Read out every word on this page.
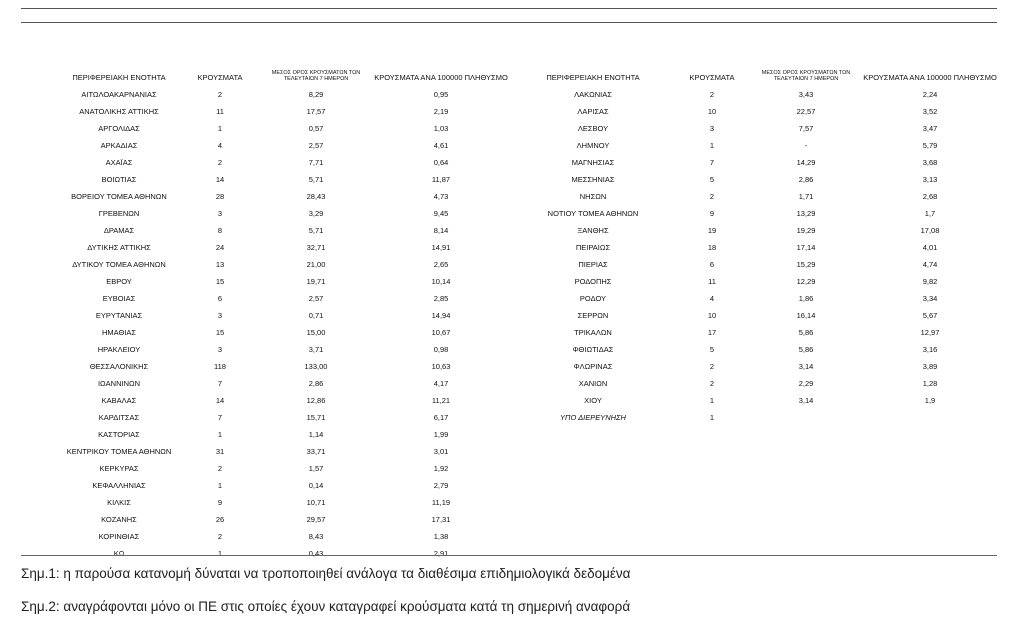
ΠΕΡΙΦΕΡΕΙΑΚΗ ΕΝΟΤΗΤΑ	ΚΡΟΥΣΜΑΤΑ	ΜΕΣΟΣ ΟΡΟΣ ΚΡΟΥΣΜΑΤΩΝ ΤΩΝ ΤΕΛΕΥΤΑΙΩΝ 7 ΗΜΕΡΩΝ	ΚΡΟΥΣΜΑΤΑ ΑΝΑ 100000 ΠΛΗΘΥΣΜΟ
ΑΙΤΩΛΟΑΚΑΡΝΑΝΙΑΣ	2	8,29	0,95
ΑΝΑΤΟΛΙΚΗΣ ΑΤΤΙΚΗΣ	11	17,57	2,19
ΑΡΓΟΛΙΔΑΣ	1	0,57	1,03
ΑΡΚΑΔΙΑΣ	4	2,57	4,61
ΑΧΑΪΑΣ	2	7,71	0,64
ΒΟΙΩΤΙΑΣ	14	5,71	11,87
ΒΟΡΕΙΟΥ ΤΟΜΕΑ ΑΘΗΝΩΝ	28	28,43	4,73
ΓΡΕΒΕΝΩΝ	3	3,29	9,45
ΔΡΑΜΑΣ	8	5,71	8,14
ΔΥΤΙΚΗΣ ΑΤΤΙΚΗΣ	24	32,71	14,91
ΔΥΤΙΚΟΥ ΤΟΜΕΑ ΑΘΗΝΩΝ	13	21,00	2,65
ΕΒΡΟΥ	15	19,71	10,14
ΕΥΒΟΙΑΣ	6	2,57	2,85
ΕΥΡΥΤΑΝΙΑΣ	3	0,71	14,94
ΗΜΑΘΙΑΣ	15	15,00	10,67
ΗΡΑΚΛΕΙΟΥ	3	3,71	0,98
ΘΕΣΣΑΛΟΝΙΚΗΣ	118	133,00	10,63
ΙΩΑΝΝΙΝΩΝ	7	2,86	4,17
ΚΑΒΑΛΑΣ	14	12,86	11,21
ΚΑΡΔΙΤΣΑΣ	7	15,71	6,17
ΚΑΣΤΟΡΙΑΣ	1	1,14	1,99
ΚΕΝΤΡΙΚΟΥ ΤΟΜΕΑ ΑΘΗΝΩΝ	31	33,71	3,01
ΚΕΡΚΥΡΑΣ	2	1,57	1,92
ΚΕΦΑΛΛΗΝΙΑΣ	1	0,14	2,79
ΚΙΛΚΙΣ	9	10,71	11,19
ΚΟΖΑΝΗΣ	26	29,57	17,31
ΚΟΡΙΝΘΙΑΣ	2	8,43	1,38
ΚΩ	1	0,43	2,91
ΠΕΡΙΦΕΡΕΙΑΚΗ ΕΝΟΤΗΤΑ	ΚΡΟΥΣΜΑΤΑ	ΜΕΣΟΣ ΟΡΟΣ ΚΡΟΥΣΜΑΤΩΝ ΤΩΝ ΤΕΛΕΥΤΑΙΩΝ 7 ΗΜΕΡΩΝ	ΚΡΟΥΣΜΑΤΑ ΑΝΑ 100000 ΠΛΗΘΥΣΜΟ
ΛΑΚΩΝΙΑΣ	2	3,43	2,24
ΛΑΡΙΣΑΣ	10	22,57	3,52
ΛΕΣΒΟΥ	3	7,57	3,47
ΛΗΜΝΟΥ	1	-	5,79
ΜΑΓΝΗΣΙΑΣ	7	14,29	3,68
ΜΕΣΣΗΝΙΑΣ	5	2,86	3,13
ΝΗΣΩΝ	2	1,71	2,68
ΝΟΤΙΟΥ ΤΟΜΕΑ ΑΘΗΝΩΝ	9	13,29	1,7
ΞΑΝΘΗΣ	19	19,29	17,08
ΠΕΙΡΑΙΩΣ	18	17,14	4,01
ΠΙΕΡΙΑΣ	6	15,29	4,74
ΡΟΔΟΠΗΣ	11	12,29	9,82
ΡΟΔΟΥ	4	1,86	3,34
ΣΕΡΡΩΝ	10	16,14	5,67
ΤΡΙΚΑΛΩΝ	17	5,86	12,97
ΦΘΙΩΤΙΔΑΣ	5	5,86	3,16
ΦΛΩΡΙΝΑΣ	2	3,14	3,89
ΧΑΝΙΩΝ	2	2,29	1,28
ΧΙΟΥ	1	3,14	1,9
ΥΠΟ ΔΙΕΡΕΥΝΗΣΗ	1
Σημ.1: η παρούσα κατανομή δύναται να τροποποιηθεί ανάλογα τα διαθέσιμα επιδημιολογικά δεδομένα
Σημ.2: αναγράφονται μόνο οι ΠΕ στις οποίες έχουν καταγραφεί κρούσματα κατά τη σημερινή αναφορά
